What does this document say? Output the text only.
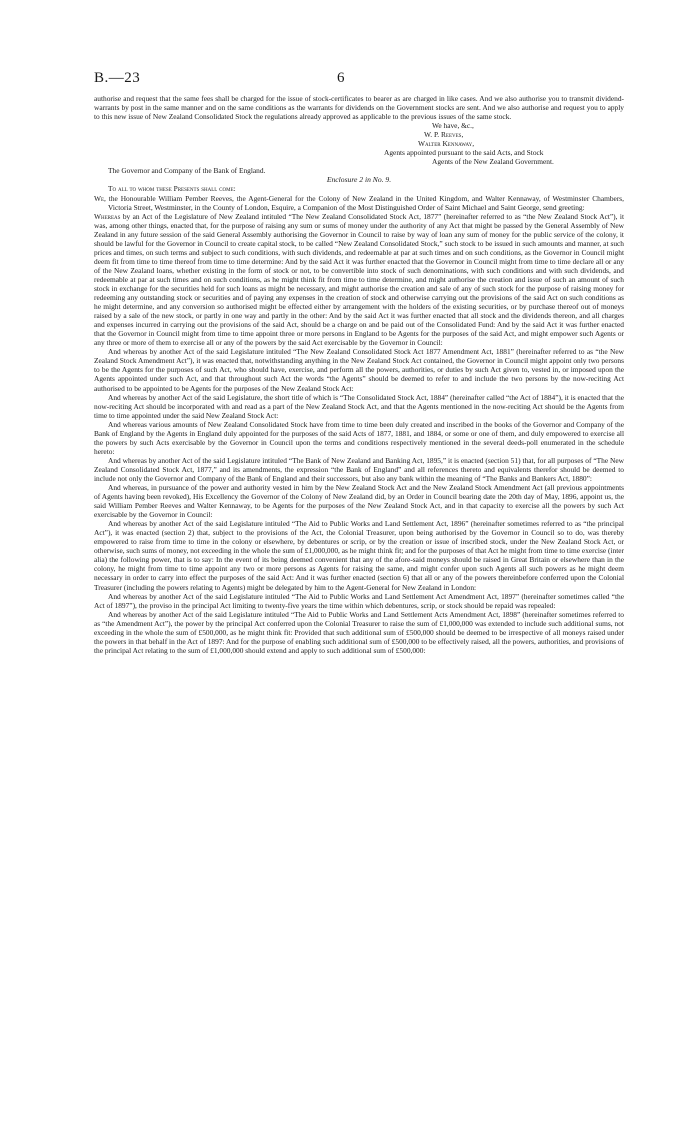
B.—23	6

authorise and request that the same fees shall be charged for the issue of stock-certificates to bearer as are charged in like cases. And we also authorise you to transmit dividend-warrants by post in the same manner and on the same conditions as the warrants for dividends on the Government stocks are sent. And we also authorise and request you to apply to this new issue of New Zealand Consolidated Stock the regulations already approved as applicable to the previous issues of the same stock.

We have, &c.,
W. P. Reeves,
Walter Kennaway,
Agents appointed pursuant to the said Acts, and Stock
Agents of the New Zealand Government.

The Governor and Company of the Bank of England.

Enclosure 2 in No. 9.

To all to whom these Presents shall come:

We, the Honourable William Pember Reeves, the Agent-General for the Colony of New Zealand in the United Kingdom, and Walter Kennaway, of Westminster Chambers, Victoria Street, Westminster, in the County of London, Esquire, a Companion of the Most Distinguished Order of Saint Michael and Saint George, send greeting:

Whereas by an Act of the Legislature of New Zealand intituled “The New Zealand Consolidated Stock Act, 1877” (hereinafter referred to as “the New Zealand Stock Act”), it was, among other things, enacted that, for the purpose of raising any sum or sums of money under the authority of any Act that might be passed by the General Assembly of New Zealand in any future session of the said General Assembly authorising the Governor in Council to raise by way of loan any sum of money for the public service of the colony, it should be lawful for the Governor in Council to create capital stock, to be called “New Zealand Consolidated Stock,” such stock to be issued in such amounts and manner, at such prices and times, on such terms and subject to such conditions, with such dividends, and redeemable at par at such times and on such conditions, as the Governor in Council might deem fit from time to time thereof from time to time determine: And by the said Act it was further enacted that the Governor in Council might from time to time declare all or any of the New Zealand loans, whether existing in the form of stock or not, to be convertible into stock of such denominations, with such conditions and with such dividends, and redeemable at par at such times and on such conditions, as he might think fit from time to time determine, and might authorise the creation and issue of such an amount of such stock in exchange for the securities held for such loans as might be necessary, and might authorise the creation and sale of any of such stock for the purpose of raising money for redeeming any outstanding stock or securities and of paying any expenses in the creation of stock and otherwise carrying out the provisions of the said Act on such conditions as he might determine, and any conversion so authorised might be effected either by arrangement with the holders of the existing securities, or by purchase thereof out of moneys raised by a sale of the new stock, or partly in one way and partly in the other: And by the said Act it was further enacted that all stock and the dividends thereon, and all charges and expenses incurred in carrying out the provisions of the said Act, should be a charge on and be paid out of the Consolidated Fund: And by the said Act it was further enacted that the Governor in Council might from time to time appoint three or more persons in England to be Agents for the purposes of the said Act, and might empower such Agents or any three or more of them to exercise all or any of the powers by the said Act exercisable by the Governor in Council:

And whereas by another Act of the said Legislature intituled “The New Zealand Consolidated Stock Act 1877 Amendment Act, 1881” (hereinafter referred to as “the New Zealand Stock Amendment Act”), it was enacted that, notwithstanding anything in the New Zealand Stock Act contained, the Governor in Council might appoint only two persons to be the Agents for the purposes of such Act, who should have, exercise, and perform all the powers, authorities, or duties by such Act given to, vested in, or imposed upon the Agents appointed under such Act, and that throughout such Act the words “the Agents” should be deemed to refer to and include the two persons by the now-reciting Act authorised to be appointed to be Agents for the purposes of the New Zealand Stock Act:

And whereas by another Act of the said Legislature, the short title of which is “The Consolidated Stock Act, 1884” (hereinafter called “the Act of 1884”), it is enacted that the now-reciting Act should be incorporated with and read as a part of the New Zealand Stock Act, and that the Agents mentioned in the now-reciting Act should be the Agents from time to time appointed under the said New Zealand Stock Act:

And whereas various amounts of New Zealand Consolidated Stock have from time to time been duly created and inscribed in the books of the Governor and Company of the Bank of England by the Agents in England duly appointed for the purposes of the said Acts of 1877, 1881, and 1884, or some or one of them, and duly empowered to exercise all the powers by such Acts exercisable by the Governor in Council upon the terms and conditions respectively mentioned in the several deeds-poll enumerated in the schedule hereto:

And whereas by another Act of the said Legislature intituled “The Bank of New Zealand and Banking Act, 1895,” it is enacted (section 51) that, for all purposes of “The New Zealand Consolidated Stock Act, 1877,” and its amendments, the expression “the Bank of England” and all references thereto and equivalents therefor should be deemed to include not only the Governor and Company of the Bank of England and their successors, but also any bank within the meaning of “The Banks and Bankers Act, 1880”:

And whereas, in pursuance of the power and authority vested in him by the New Zealand Stock Act and the New Zealand Stock Amendment Act (all previous appointments of Agents having been revoked), His Excellency the Governor of the Colony of New Zealand did, by an Order in Council bearing date the 20th day of May, 1896, appoint us, the said William Pember Reeves and Walter Kennaway, to be Agents for the purposes of the New Zealand Stock Act, and in that capacity to exercise all the powers by such Act exercisable by the Governor in Council:

And whereas by another Act of the said Legislature intituled “The Aid to Public Works and Land Settlement Act, 1896” (hereinafter sometimes referred to as “the principal Act”), it was enacted (section 2) that, subject to the provisions of the Act, the Colonial Treasurer, upon being authorised by the Governor in Council so to do, was thereby empowered to raise from time to time in the colony or elsewhere, by debentures or scrip, or by the creation or issue of inscribed stock, under the New Zealand Stock Act, or otherwise, such sums of money, not exceeding in the whole the sum of £1,000,000, as he might think fit; and for the purposes of that Act he might from time to time exercise (inter alia) the following power, that is to say: In the event of its being deemed convenient that any of the afore-said moneys should be raised in Great Britain or elsewhere than in the colony, he might from time to time appoint any two or more persons as Agents for raising the same, and might confer upon such Agents all such powers as he might deem necessary in order to carry into effect the purposes of the said Act: And it was further enacted (section 6) that all or any of the powers thereinbefore conferred upon the Colonial Treasurer (including the powers relating to Agents) might be delegated by him to the Agent-General for New Zealand in London:

And whereas by another Act of the said Legislature intituled “The Aid to Public Works and Land Settlement Act Amendment Act, 1897” (hereinafter sometimes called “the Act of 1897”), the proviso in the principal Act limiting to twenty-five years the time within which debentures, scrip, or stock should be repaid was repealed:

And whereas by another Act of the said Legislature intituled “The Aid to Public Works and Land Settlement Acts Amendment Act, 1898” (hereinafter sometimes referred to as “the Amendment Act”), the power by the principal Act conferred upon the Colonial Treasurer to raise the sum of £1,000,000 was extended to include such additional sums, not exceeding in the whole the sum of £500,000, as he might think fit: Provided that such additional sum of £500,000 should be deemed to be irrespective of all moneys raised under the powers in that behalf in the Act of 1897: And for the purpose of enabling such additional sum of £500,000 to be effectively raised, all the powers, authorities, and provisions of the principal Act relating to the sum of £1,000,000 should extend and apply to such additional sum of £500,000:
